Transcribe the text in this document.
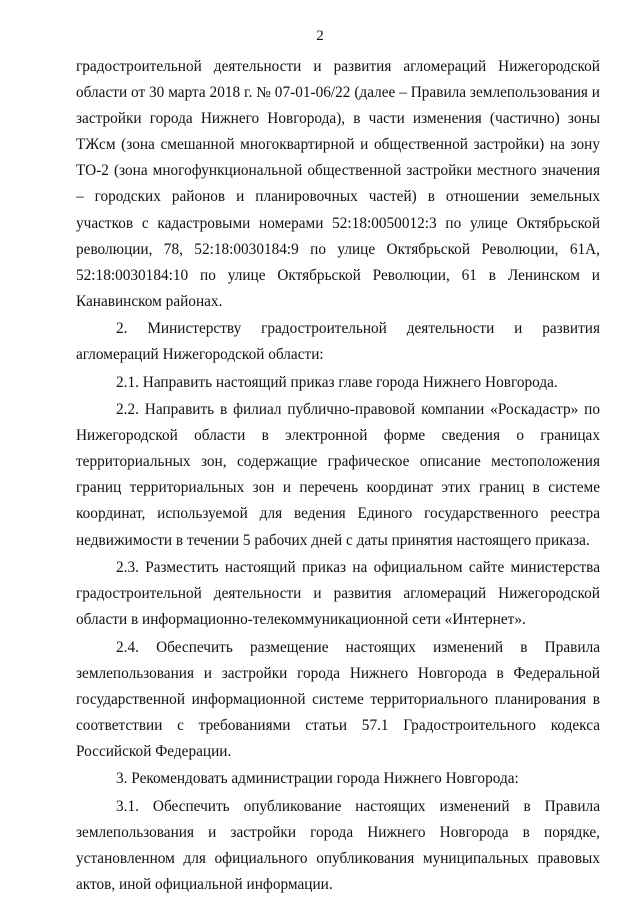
2

градостроительной деятельности и развития агломераций Нижегородской области от 30 марта 2018 г. № 07-01-06/22 (далее – Правила землепользования и застройки города Нижнего Новгорода), в части изменения (частично) зоны ТЖсм (зона смешанной многоквартирной и общественной застройки) на зону ТО-2 (зона многофункциональной общественной застройки местного значения – городских районов и планировочных частей) в отношении земельных участков с кадастровыми номерами 52:18:0050012:3 по улице Октябрьской революции, 78, 52:18:0030184:9 по улице Октябрьской Революции, 61А, 52:18:0030184:10 по улице Октябрьской Революции, 61 в Ленинском и Канавинском районах.

2. Министерству градостроительной деятельности и развития агломераций Нижегородской области:

2.1. Направить настоящий приказ главе города Нижнего Новгорода.

2.2. Направить в филиал публично-правовой компании «Роскадастр» по Нижегородской области в электронной форме сведения о границах территориальных зон, содержащие графическое описание местоположения границ территориальных зон и перечень координат этих границ в системе координат, используемой для ведения Единого государственного реестра недвижимости в течении 5 рабочих дней с даты принятия настоящего приказа.

2.3. Разместить настоящий приказ на официальном сайте министерства градостроительной деятельности и развития агломераций Нижегородской области в информационно-телекоммуникационной сети «Интернет».

2.4. Обеспечить размещение настоящих изменений в Правила землепользования и застройки города Нижнего Новгорода в Федеральной государственной информационной системе территориального планирования в соответствии с требованиями статьи 57.1 Градостроительного кодекса Российской Федерации.

3. Рекомендовать администрации города Нижнего Новгорода:

3.1. Обеспечить опубликование настоящих изменений в Правила землепользования и застройки города Нижнего Новгорода в порядке, установленном для официального опубликования муниципальных правовых актов, иной официальной информации.
